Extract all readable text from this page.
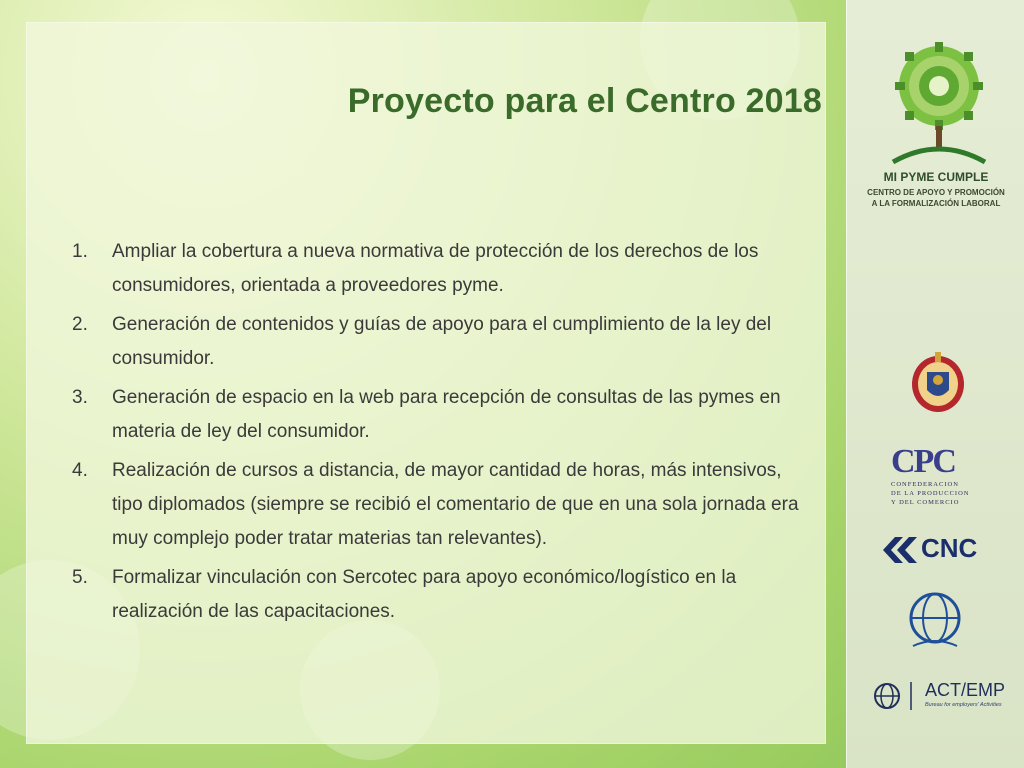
Proyecto para el Centro 2018
1.	Ampliar la cobertura a nueva normativa de protección de los derechos de los consumidores, orientada a proveedores pyme.
2.	Generación de contenidos y guías de apoyo para el cumplimiento de la ley del consumidor.
3.	Generación de espacio en la web para recepción de consultas de las pymes en materia de ley del consumidor.
4.	Realización de cursos a distancia, de mayor cantidad de horas, más intensivos, tipo diplomados (siempre se recibió el comentario de que en una sola jornada era muy complejo poder tratar materias tan relevantes).
5.	Formalizar vinculación con Sercotec para apoyo económico/logístico en la realización de las capacitaciones.
MI PYME CUMPLE
CENTRO DE APOYO Y PROMOCIÓN
A LA FORMALIZACIÓN LABORAL
CPC
CONFEDERACION
DE LA PRODUCCION
Y DEL COMERCIO
CNC
ACT/EMP
Bureau for employers' Activities
